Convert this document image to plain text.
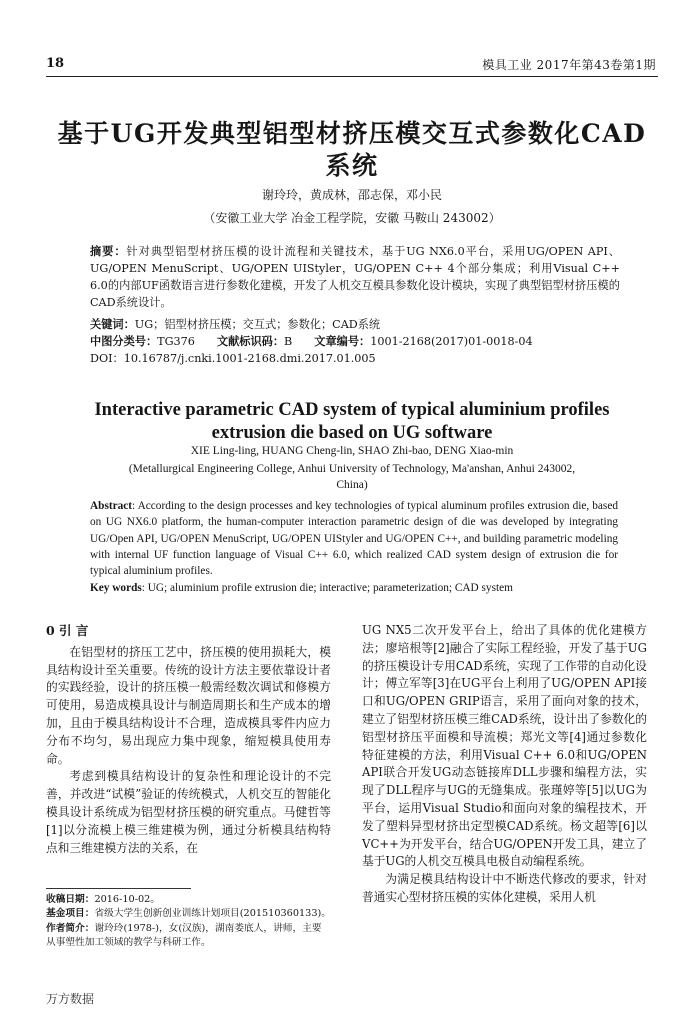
18	模具工业 2017年第43卷第1期
基于UG开发典型铝型材挤压模交互式参数化CAD系统
谢玲玲，黄成林，邵志保，邓小民
（安徽工业大学 冶金工程学院，安徽 马鞍山 243002）
摘要：针对典型铝型材挤压模的设计流程和关键技术，基于UG NX6.0平台，采用UG/OPEN API、UG/OPEN MenuScript、UG/OPEN UIStyler，UG/OPEN C++ 4个部分集成；利用Visual C++ 6.0的内部UF函数语言进行参数化建模，开发了人机交互模具参数化设计模块，实现了典型铝型材挤压模的CAD系统设计。
关键词：UG；铝型材挤压模；交互式；参数化；CAD系统
中图分类号：TG376 文献标识码：B 文章编号：1001-2168(2017)01-0018-04
DOI：10.16787/j.cnki.1001-2168.dmi.2017.01.005
Interactive parametric CAD system of typical aluminium profiles extrusion die based on UG software
XIE Ling-ling, HUANG Cheng-lin, SHAO Zhi-bao, DENG Xiao-min
(Metallurgical Engineering College, Anhui University of Technology, Ma'anshan, Anhui 243002, China)
Abstract: According to the design processes and key technologies of typical aluminum profiles extrusion die, based on UG NX6.0 platform, the human-computer interaction parametric design of die was developed by integrating UG/Open API, UG/OPEN MenuScript, UG/OPEN UIStyler and UG/OPEN C++, and building parametric modeling with internal UF function language of Visual C++ 6.0, which realized CAD system design of extrusion die for typical aluminium profiles.
Key words: UG; aluminium profile extrusion die; interactive; parameterization; CAD system
0 引 言

在铝型材的挤压工艺中，挤压模的使用损耗大，模具结构设计至关重要。传统的设计方法主要依靠设计者的实践经验，设计的挤压模一般需经数次调试和修模方可使用，易造成模具设计与制造周期长和生产成本的增加，且由于模具结构设计不合理，造成模具零件内应力分布不均匀，易出现应力集中现象，缩短模具使用寿命。

考虑到模具结构设计的复杂性和理论设计的不完善，并改进“试模”验证的传统模式，人机交互的智能化模具设计系统成为铝型材挤压模的研究重点。马健哲等[1]以分流模上模三维建模为例，通过分析模具结构特点和三维建模方法的关系，在

UG NX5二次开发平台上，给出了具体的优化建模方法；廖培根等[2]融合了实际工程经验，开发了基于UG的挤压模设计专用CAD系统，实现了工作带的自动化设计；傅立军等[3]在UG平台上利用了UG/OPEN API接口和UG/OPEN GRIP语言，采用了面向对象的技术，建立了铝型材挤压模三维CAD系统，设计出了参数化的铝型材挤压平面模和导流模；郑光文等[4]通过参数化特征建模的方法，利用Visual C++ 6.0和UG/OPEN API联合开发UG动态链接库DLL步骤和编程方法，实现了DLL程序与UG的无缝集成。张瑾婷等[5]以UG为平台，运用Visual Studio和面向对象的编程技术，开发了塑料异型材挤出定型模CAD系统。杨文超等[6]以VC++为开发平台，结合UG/OPEN开发工具，建立了基于UG的人机交互模具电极自动编程系统。

为满足模具结构设计中不断迭代修改的要求，针对普通实心型材挤压模的实体化建模，采用人机

收稿日期：2016-10-02。

基金项目：省级大学生创新创业训练计划项目(201510360133)。

作者简介：谢玲玲(1978-)，女(汉族)，湖南娄底人，讲师，主要从事塑性加工领域的教学与科研工作。

万方数据
